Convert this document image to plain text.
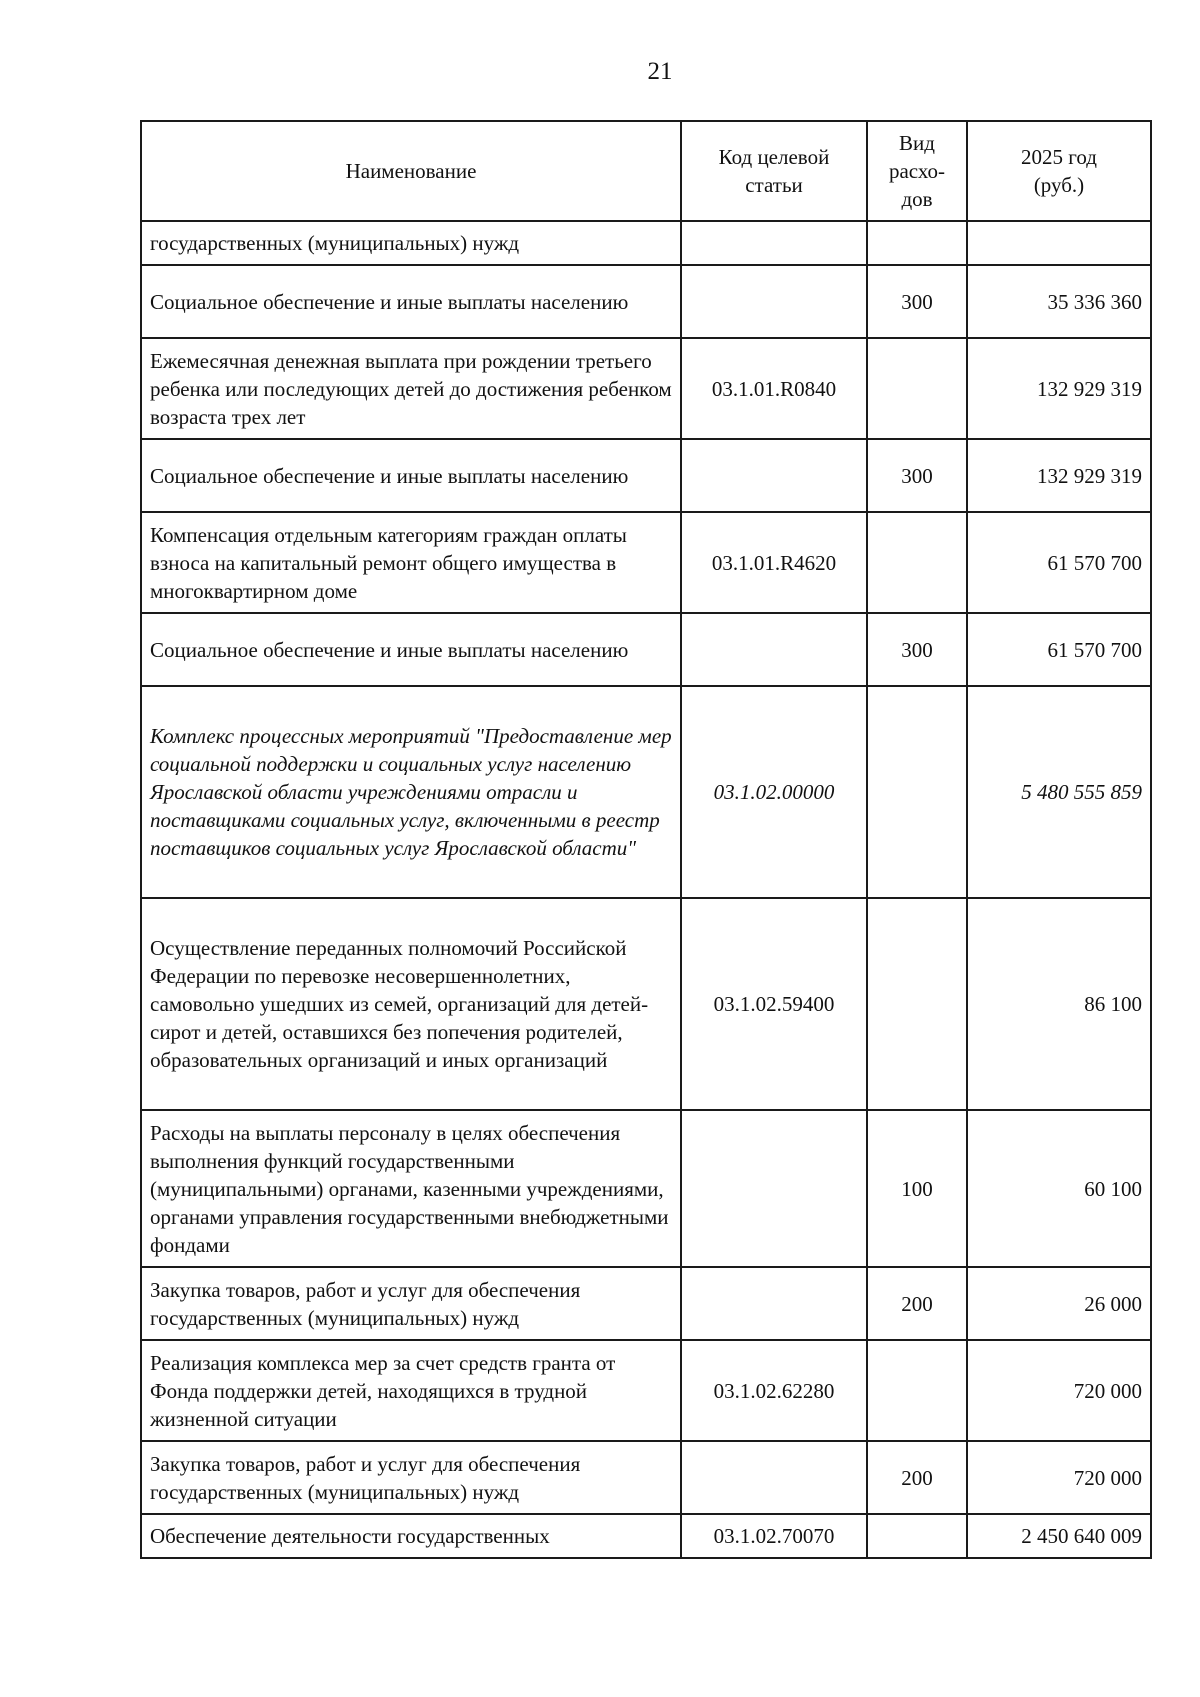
21
Наименование	Код целевой статьи	Вид расхо-дов	2025 год
(руб.)

государственных (муниципальных) нужд			
Социальное обеспечение и иные выплаты населению		300	35 336 360
Ежемесячная денежная выплата при рождении третьего ребенка или последующих детей до достижения ребенком возраста трех лет	03.1.01.R0840		132 929 319
Социальное обеспечение и иные выплаты населению		300	132 929 319
Компенсация отдельным категориям граждан оплаты взноса на капитальный ремонт общего имущества в многоквартирном доме	03.1.01.R4620		61 570 700
Социальное обеспечение и иные выплаты населению		300	61 570 700
Комплекс процессных мероприятий "Предоставление мер социальной поддержки и социальных услуг населению Ярославской области учреждениями отрасли и поставщиками социальных услуг, включенными в реестр поставщиков социальных услуг Ярославской области"	03.1.02.00000		5 480 555 859
Осуществление переданных полномочий Российской Федерации по перевозке несовершеннолетних, самовольно ушедших из семей, организаций для детей-сирот и детей, оставшихся без попечения родителей, образовательных организаций и иных организаций	03.1.02.59400		86 100
Расходы на выплаты персоналу в целях обеспечения выполнения функций государственными (муниципальными) органами, казенными учреждениями, органами управления государственными внебюджетными фондами		100	60 100
Закупка товаров, работ и услуг для обеспечения государственных (муниципальных) нужд		200	26 000
Реализация комплекса мер за счет средств гранта от Фонда поддержки детей, находящихся в трудной жизненной ситуации	03.1.02.62280		720 000
Закупка товаров, работ и услуг для обеспечения государственных (муниципальных) нужд		200	720 000
Обеспечение деятельности государственных	03.1.02.70070		2 450 640 009
